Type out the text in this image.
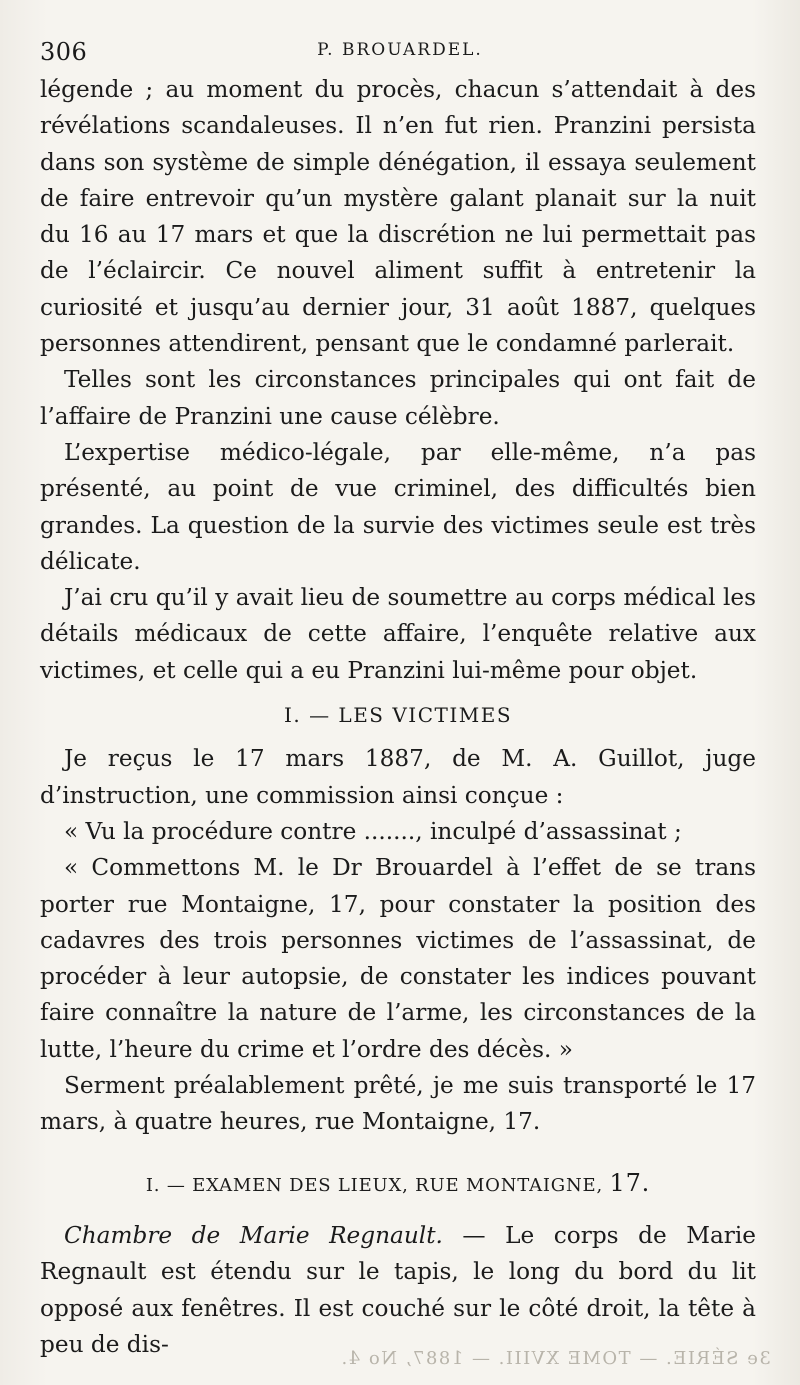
306	P. BROUARDEL.

légende ; au moment du procès, chacun s’attendait à des révélations scandaleuses. Il n’en fut rien. Pranzini persista dans son système de simple dénégation, il essaya seulement de faire entrevoir qu’un mystère galant planait sur la nuit du 16 au 17 mars et que la discrétion ne lui permettait pas de l’éclaircir. Ce nouvel aliment suffit à entretenir la curiosité et jusqu’au dernier jour, 31 août 1887, quelques personnes attendirent, pensant que le condamné parlerait.

Telles sont les circonstances principales qui ont fait de l’affaire de Pranzini une cause célèbre.

L’expertise médico-légale, par elle-même, n’a pas présenté, au point de vue criminel, des difficultés bien grandes. La question de la survie des victimes seule est très délicate.

J’ai cru qu’il y avait lieu de soumettre au corps médical les détails médicaux de cette affaire, l’enquête relative aux victimes, et celle qui a eu Pranzini lui-même pour objet.

I. — LES VICTIMES

Je reçus le 17 mars 1887, de M. A. Guillot, juge d’instruction, une commission ainsi conçue :

« Vu la procédure contre ......., inculpé d’assassinat ;

« Commettons M. le Dr Brouardel à l’effet de se trans porter rue Montaigne, 17, pour constater la position des cadavres des trois personnes victimes de l’assassinat, de procéder à leur autopsie, de constater les indices pouvant faire connaître la nature de l’arme, les circonstances de la lutte, l’heure du crime et l’ordre des décès. »

Serment préalablement prêté, je me suis transporté le 17 mars, à quatre heures, rue Montaigne, 17.

I. — EXAMEN DES LIEUX, RUE MONTAIGNE, 17.

Chambre de Marie Regnault. — Le corps de Marie Regnault est étendu sur le tapis, le long du bord du lit opposé aux fenêtres. Il est couché sur le côté droit, la tête à peu de dis-

3e SÉRIE. — TOME XVIII. — 1887, No 4.
